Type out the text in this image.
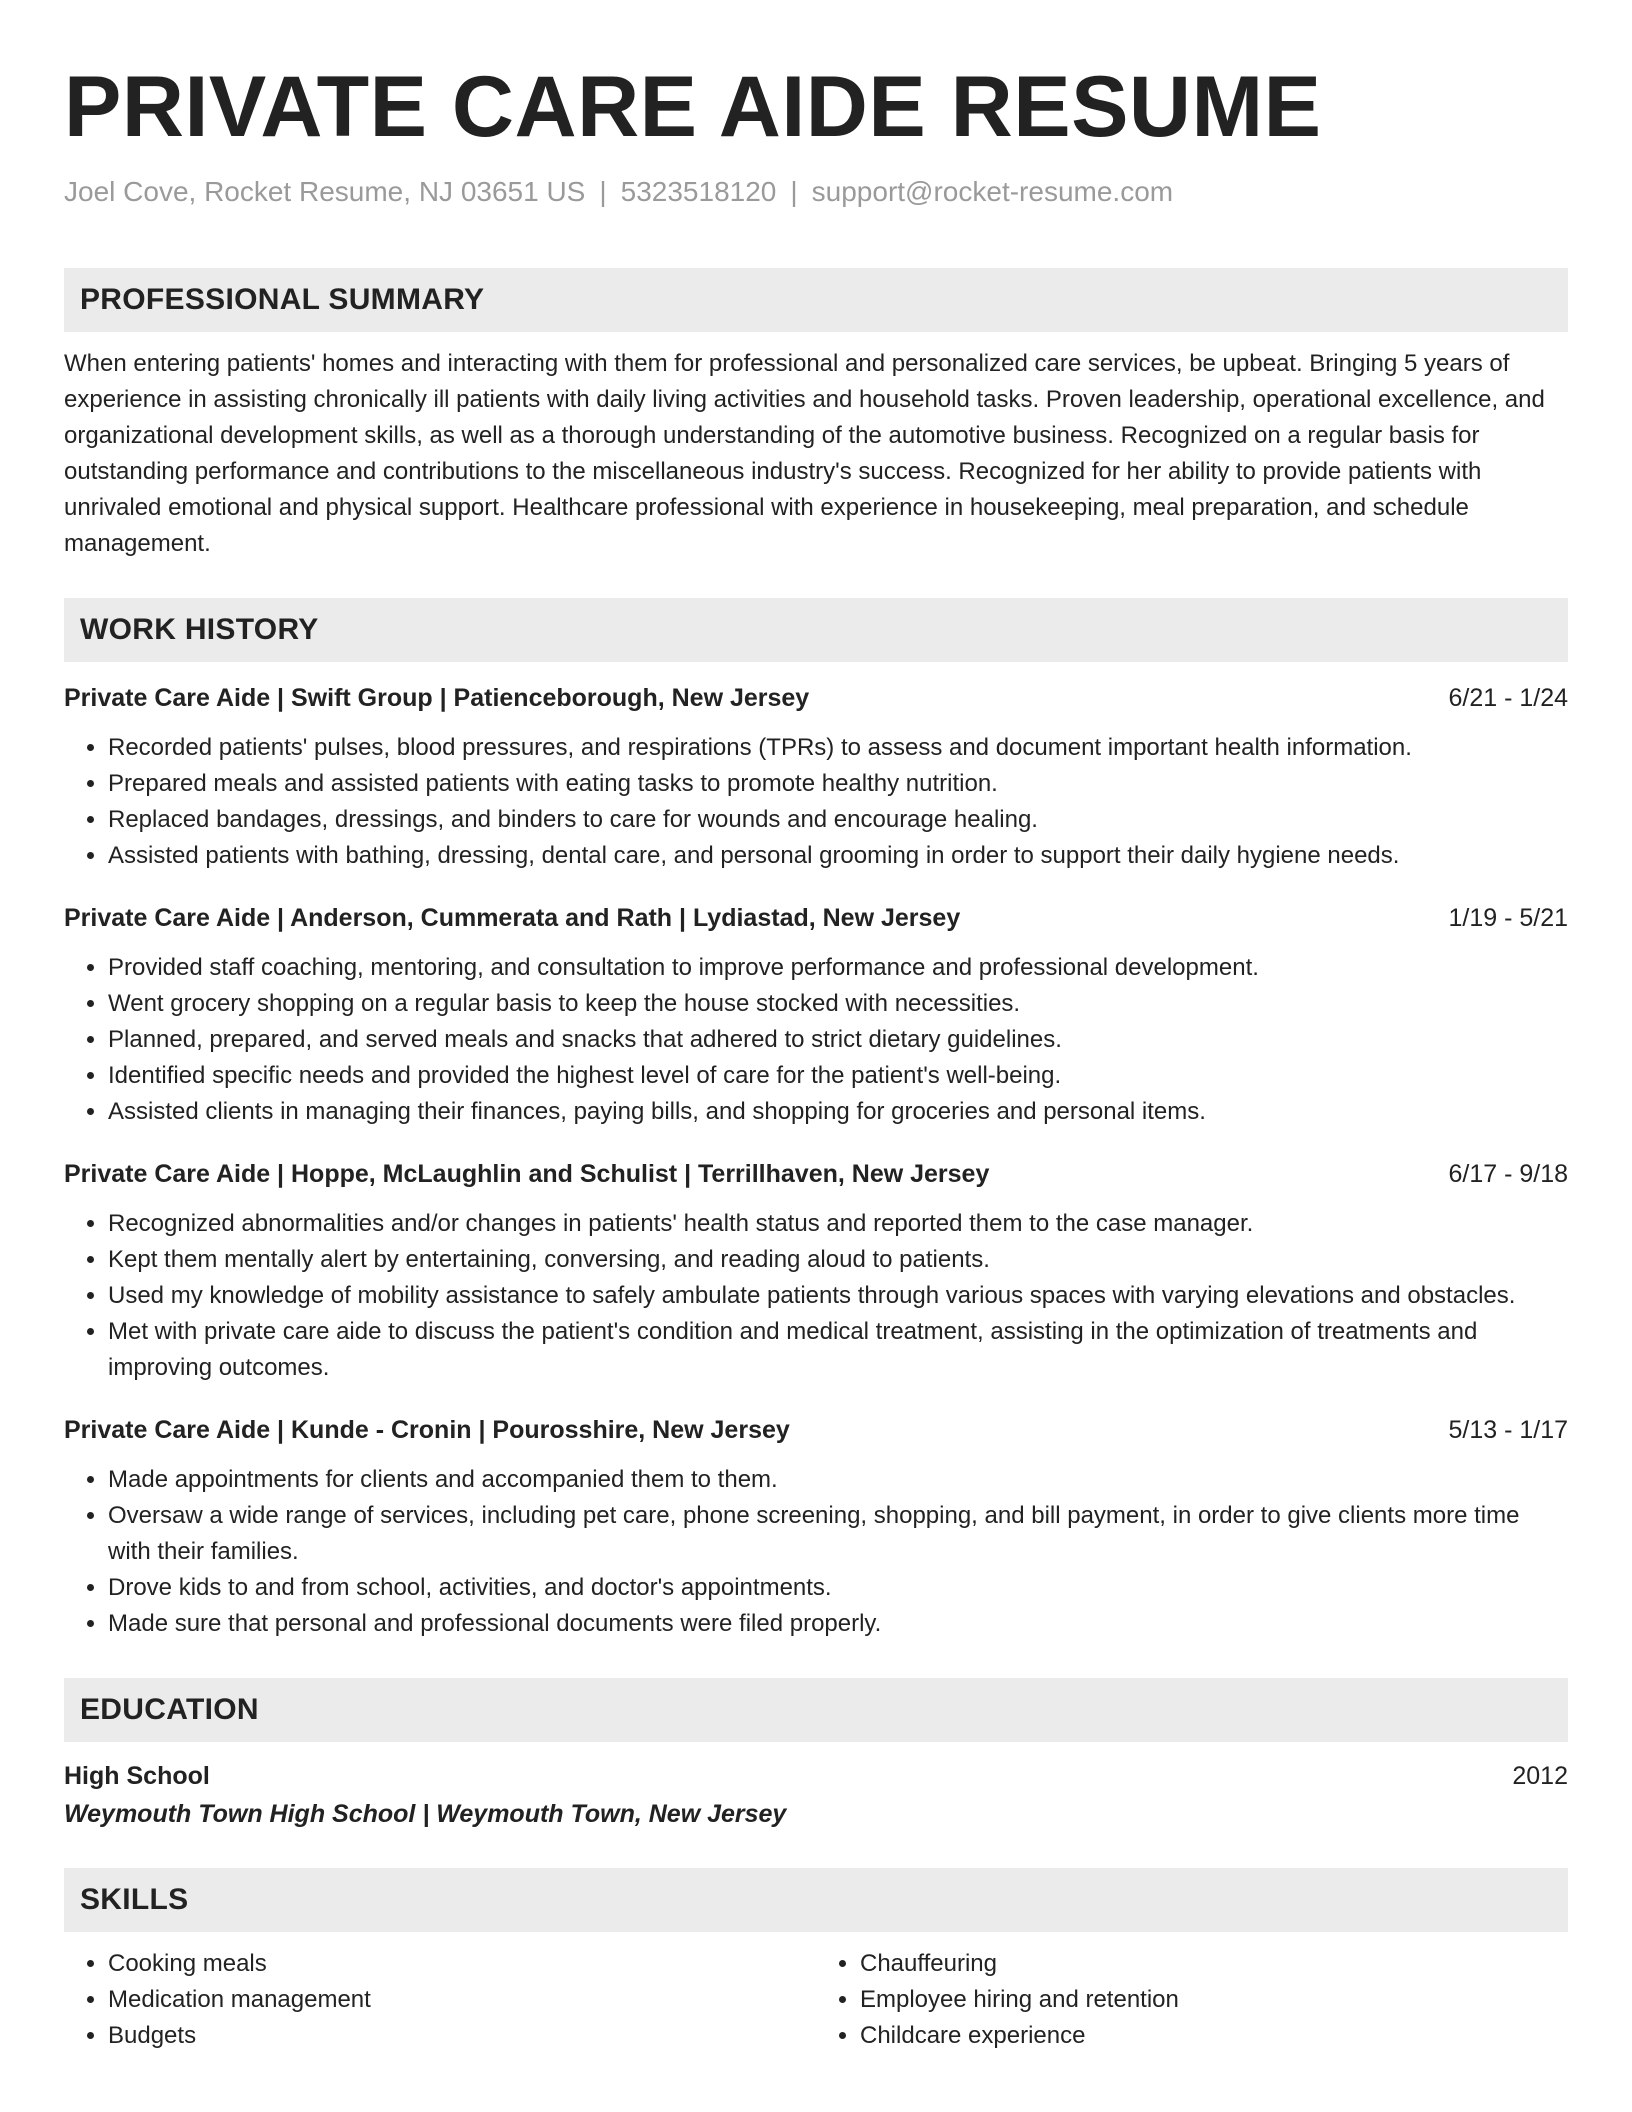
PRIVATE CARE AIDE RESUME
Joel Cove, Rocket Resume, NJ 03651 US | 5323518120 | support@rocket-resume.com
PROFESSIONAL SUMMARY
When entering patients' homes and interacting with them for professional and personalized care services, be upbeat. Bringing 5 years of experience in assisting chronically ill patients with daily living activities and household tasks. Proven leadership, operational excellence, and organizational development skills, as well as a thorough understanding of the automotive business. Recognized on a regular basis for outstanding performance and contributions to the miscellaneous industry's success. Recognized for her ability to provide patients with unrivaled emotional and physical support. Healthcare professional with experience in housekeeping, meal preparation, and schedule management.
WORK HISTORY
Private Care Aide | Swift Group | Patienceborough, New Jersey	6/21 - 1/24
• Recorded patients' pulses, blood pressures, and respirations (TPRs) to assess and document important health information.
• Prepared meals and assisted patients with eating tasks to promote healthy nutrition.
• Replaced bandages, dressings, and binders to care for wounds and encourage healing.
• Assisted patients with bathing, dressing, dental care, and personal grooming in order to support their daily hygiene needs.
Private Care Aide | Anderson, Cummerata and Rath | Lydiastad, New Jersey	1/19 - 5/21
• Provided staff coaching, mentoring, and consultation to improve performance and professional development.
• Went grocery shopping on a regular basis to keep the house stocked with necessities.
• Planned, prepared, and served meals and snacks that adhered to strict dietary guidelines.
• Identified specific needs and provided the highest level of care for the patient's well-being.
• Assisted clients in managing their finances, paying bills, and shopping for groceries and personal items.
Private Care Aide | Hoppe, McLaughlin and Schulist | Terrillhaven, New Jersey	6/17 - 9/18
• Recognized abnormalities and/or changes in patients' health status and reported them to the case manager.
• Kept them mentally alert by entertaining, conversing, and reading aloud to patients.
• Used my knowledge of mobility assistance to safely ambulate patients through various spaces with varying elevations and obstacles.
• Met with private care aide to discuss the patient's condition and medical treatment, assisting in the optimization of treatments and improving outcomes.
Private Care Aide | Kunde - Cronin | Pourosshire, New Jersey	5/13 - 1/17
• Made appointments for clients and accompanied them to them.
• Oversaw a wide range of services, including pet care, phone screening, shopping, and bill payment, in order to give clients more time with their families.
• Drove kids to and from school, activities, and doctor's appointments.
• Made sure that personal and professional documents were filed properly.
EDUCATION
High School	2012
Weymouth Town High School | Weymouth Town, New Jersey
SKILLS
• Cooking meals
• Medication management
• Budgets
• Chauffeuring
• Employee hiring and retention
• Childcare experience
